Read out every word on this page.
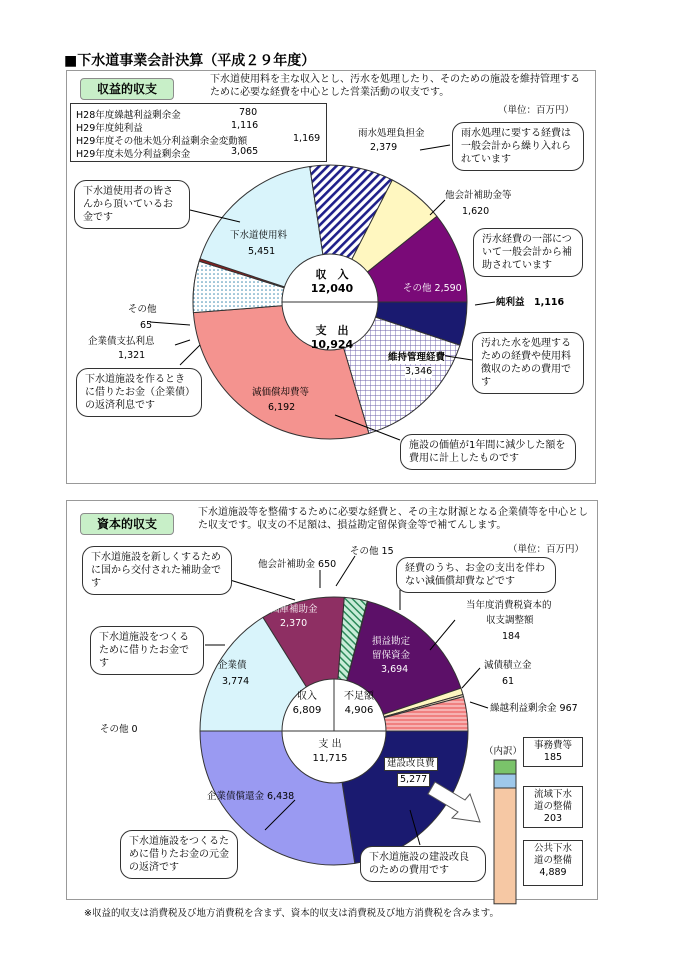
■下水道事業会計決算（平成２９年度）
収益的収支
下水道使用料を主な収入とし、汚水を処理したり、そのための施設を維持管理するために必要な経費を中心とした営業活動の収支です。
（単位：百万円）
H28年度繰越利益剰余金	780
H29年度純利益	1,116
H29年度その他未処分利益剰余金変動額	1,169
H29年度未処分利益剰余金	3,065
資本的収支
下水道施設等を整備するために必要な経費と、その主な財源となる企業債等を中心とした収支です。収支の不足額は、損益勘定留保資金等で補てんします。
（単位：百万円）
下水道使用者の皆さんから頂いているお金です
雨水処理に要する経費は一般会計から繰り入れられています
汚水経費の一部について一般会計から補助されています
汚れた水を処理するための経費や使用料徴収のための費用です
施設の価値が1年間に減少した額を費用に計上したものです
下水道施設を作るときに借りたお金（企業債）の返済利息です
雨水処理負担金
2,379
他会計補助金等
1,620
その他 2,590
純利益　1,116
維持管理経費
3,346
減価償却費等
6,192
企業債支払利息
1,321
その他
65
下水道使用料
5,451
収　入
12,040
支　出
10,924
下水道施設を新しくするために国から交付された補助金です
下水道施設をつくるために借りたお金です
経費のうち、お金の支出を伴わない減価償却費などです
下水道施設をつくるために借りたお金の元金の返済です
下水道施設の建設改良のための費用です
他会計補助金 650
その他 15
国庫補助金
2,370
企業債
3,774
損益勘定
留保資金
3,694
当年度消費税資本的
収支調整額
184
減債積立金
61
繰越利益剰余金 967
その他 0
収入
6,809
不足額
4,906
支 出
11,715	建設改良費
5,277
企業債償還金 6,438
（内訳）
事務費等
185
流域下水
道の整備
203
公共下水
道の整備
4,889
※収益的収支は消費税及び地方消費税を含まず、資本的収支は消費税及び地方消費税を含みます。
